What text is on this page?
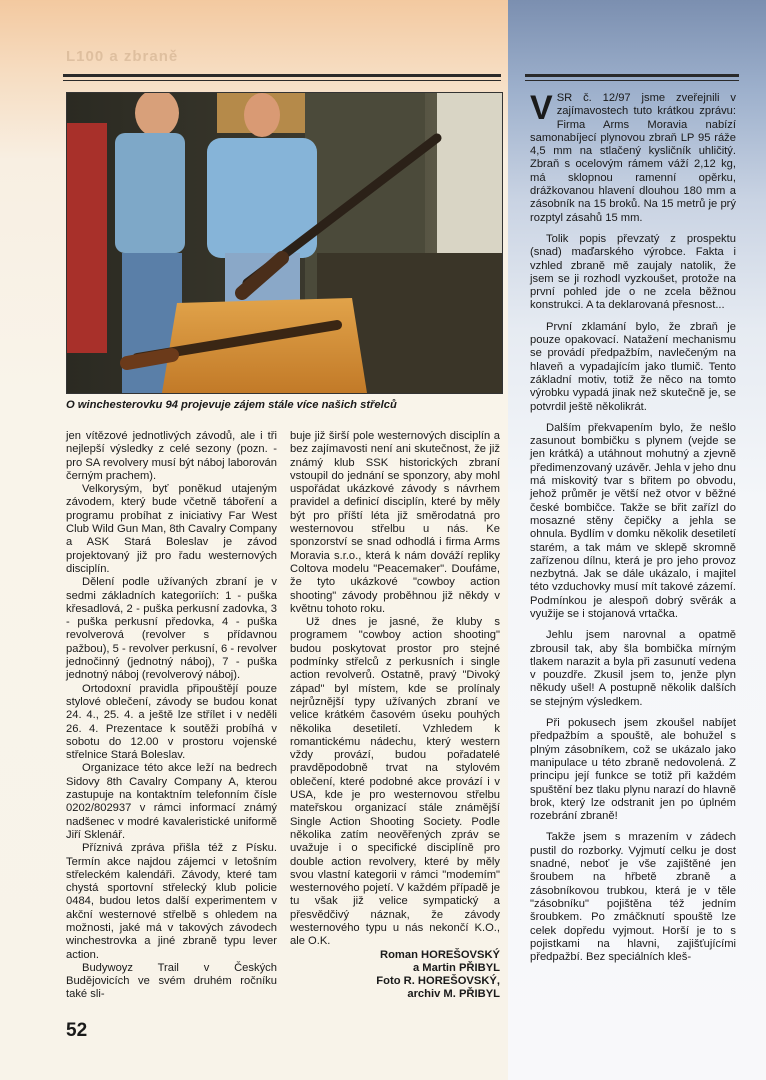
L100 a zbraně
O winchesterovku 94 projevuje zájem stále více našich střelců

jen vítězové jednotlivých závodů, ale i tři nejlepší výsledky z celé sezony (pozn. - pro SA revolvery musí být náboj laborován černým prachem).

Velkorysým, byť poněkud utajeným závodem, který bude včetně táboření a programu probíhat z iniciativy Far West Club Wild Gun Man, 8th Cavalry Company a ASK Stará Boleslav je závod projektovaný již pro řadu westernových disciplín.

Dělení podle užívaných zbraní je v sedmi základních kategoriích: 1 - puška křesadlová, 2 - puška perkusní zadovka, 3 - puška perkusní předovka, 4 - puška revolverová (revolver s přídavnou pažbou), 5 - revolver perkusní, 6 - revolver jednočinný (jednotný náboj), 7 - puška jednotný náboj (revolverový náboj).

Ortodoxní pravidla připouštějí pouze stylové oblečení, závody se budou konat 24. 4., 25. 4. a ještě lze střílet i v neděli 26. 4. Prezentace k soutěži probíhá v sobotu do 12.00 v prostoru vojenské střelnice Stará Boleslav.

Organizace této akce leží na bedrech Sidovy 8th Cavalry Company A, kterou zastupuje na kontaktním telefonním čísle 0202/802937 v rámci informací známý nadšenec v modré kavaleristické uniformě Jiří Sklenář.

Příznivá zpráva přišla též z Písku. Termín akce najdou zájemci v letošním střeleckém kalendáři. Závody, které tam chystá sportovní střelecký klub policie 0484, budou letos další experimentem v akční westernové střelbě s ohledem na možnosti, jaké má v takových závodech winchestrovka a jiné zbraně typu lever action.

Budywoyz Trail v Českých Budějovicích ve svém druhém ročníku také sli-

buje již širší pole westernových disciplín a bez zajímavosti není ani skutečnost, že již známý klub SSK historických zbraní vstoupil do jednání se sponzory, aby mohl uspořádat ukázkové závody s návrhem pravidel a definicí disciplín, které by měly být pro příští léta již směrodatná pro westernovou střelbu u nás. Ke sponzorství se snad odhodlá i firma Arms Moravia s.r.o., která k nám dováží repliky Coltova modelu "Peacemaker". Doufáme, že tyto ukázkové "cowboy action shooting" závody proběhnou již někdy v květnu tohoto roku.

Už dnes je jasné, že kluby s programem "cowboy action shooting" budou poskytovat prostor pro stejné podmínky střelců z perkusních i single action revolverů. Ostatně, pravý "Divoký západ" byl místem, kde se prolínaly nejrůznější typy užívaných zbraní ve velice krátkém časovém úseku pouhých několika desetiletí. Vzhledem k romantickému nádechu, který western vždy provází, budou pořadatelé pravděpodobně trvat na stylovém oblečení, které podobné akce provází i v USA, kde je pro westernovou střelbu mateřskou organizací stále známější Single Action Shooting Society. Podle několika zatím neověřených zpráv se uvažuje i o specifické disciplíně pro double action revolvery, které by měly svou vlastní kategorii v rámci "modemím" westernového pojetí. V každém případě je tu však již velice sympatický a přesvědčivý náznak, že závody westernového typu u nás nekončí K.O., ale O.K.

Roman HOREŠOVSKÝ
a Martin PŘIBYL
Foto R. HOREŠOVSKÝ,
archiv M. PŘIBYL

VSR č. 12/97 jsme zveřejnili v zajímavostech tuto krátkou zprávu: Firma Arms Moravia nabízí samonabíjecí plynovou zbraň LP 95 ráže 4,5 mm na stlačený kysličník uhličitý. Zbraň s ocelovým rámem váží 2,12 kg, má sklopnou ramenní opěrku, drážkovanou hlavení dlouhou 180 mm a zásobník na 15 broků. Na 15 metrů je prý rozptyl zásahů 15 mm.

Tolik popis převzatý z prospektu (snad) maďarského výrobce. Fakta i vzhled zbraně mě zaujaly natolik, že jsem se ji rozhodl vyzkoušet, protože na první pohled jde o ne zcela běžnou konstrukci. A ta deklarovaná přesnost...

První zklamání bylo, že zbraň je pouze opakovací. Natažení mechanismu se provádí předpažbím, navlečeným na hlaveň a vypadajícím jako tlumič. Tento základní motiv, totiž že něco na tomto výrobku vypadá jinak než skutečně je, se potvrdil ještě několikrát.

Dalším překvapením bylo, že nešlo zasunout bombičku s plynem (vejde se jen krátká) a utáhnout mohutný a zjevně předimenzovaný uzávěr. Jehla v jeho dnu má miskovitý tvar s břitem po obvodu, jehož průměr je větší než otvor v běžné české bombičce. Takže se břit zařízl do mosazné stěny čepičky a jehla se ohnula. Bydlím v domku několik desetiletí starém, a tak mám ve sklepě skromně zařízenou dílnu, která je pro jeho provoz nezbytná. Jak se dále ukázalo, i majitel této vzduchovky musí mít takové zázemí. Podmínkou je alespoň dobrý svěrák a využije se i stojanová vrtačka.

Jehlu jsem narovnal a opatmě zbrousil tak, aby šla bombička mírným tlakem narazit a byla při zasunutí vedena v pouzdře. Zkusil jsem to, jenže plyn někudy ušel! A postupně několik dalších se stejným výsledkem.

Při pokusech jsem zkoušel nabíjet předpažbím a spouště, ale bohužel s plným zásobníkem, což se ukázalo jako manipulace u této zbraně nedovolená. Z principu její funkce se totiž při každém spuštění bez tlaku plynu narazí do hlavně brok, který lze odstranit jen po úplném rozebrání zbraně!

Takže jsem s mrazením v zádech pustil do rozborky. Vyjmutí celku je dost snadné, neboť je vše zajištěné jen šroubem na hřbetě zbraně a zásobníkovou trubkou, která je v těle "zásobníku" pojištěna též jedním šroubkem. Po zmáčknutí spouště lze celek dopředu vyjmout. Horší je to s pojistkami na hlavni, zajišťujícími předpažbí. Bez speciálních kleš-

52
